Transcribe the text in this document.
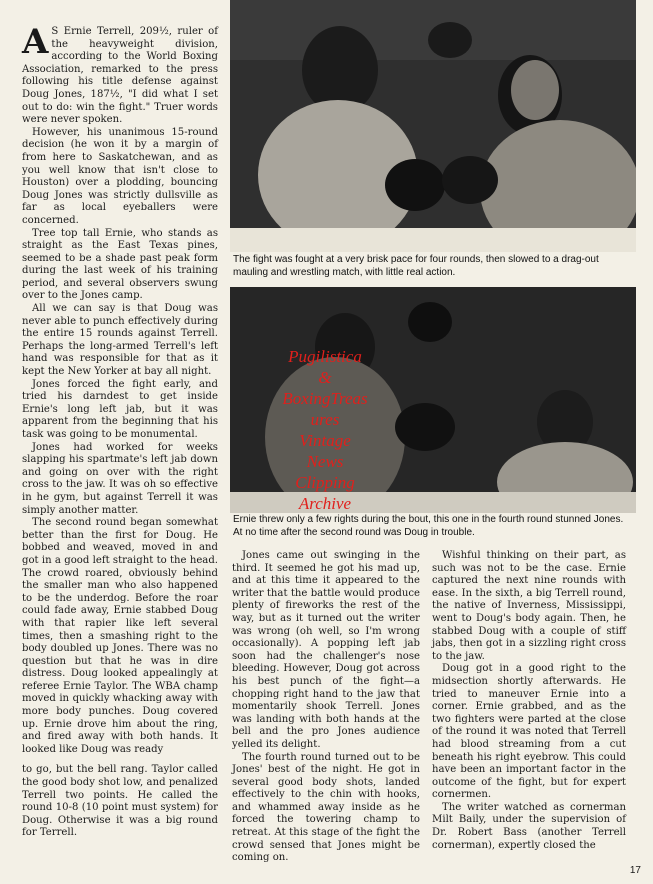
A S Ernie Terrell, 209½, ruler of the heavyweight division, according to the World Boxing Association, remarked to the press following his title defense against Doug Jones, 187½, "I did what I set out to do: win the fight." Truer words were never spoken.

However, his unanimous 15-round decision (he won it by a margin of from here to Saskatchewan, and as you well know that isn't close to Houston) over a plodding, bouncing Doug Jones was strictly dullsville as far as local eyeballers were concerned.

Tree top tall Ernie, who stands as straight as the East Texas pines, seemed to be a shade past peak form during the last week of his training period, and several observers swung over to the Jones camp.

All we can say is that Doug was never able to punch effectively during the entire 15 rounds against Terrell. Perhaps the long-armed Terrell's left hand was responsible for that as it kept the New Yorker at bay all night.

Jones forced the fight early, and tried his darndest to get inside Ernie's long left jab, but it was apparent from the beginning that his task was going to be monumental.

Jones had worked for weeks slapping his spartmate's left jab down and going on over with the right cross to the jaw. It was oh so effective in he gym, but against Terrell it was simply another matter.

The second round began somewhat better than the first for Doug. He bobbed and weaved, moved in and got in a good left straight to the head. The crowd roared, obviously behind the smaller man who also happened to be the underdog. Before the roar could fade away, Ernie stabbed Doug with that rapier like left several times, then a smashing right to the body doubled up Jones. There was no question but that he was in dire distress. Doug looked appealingly at referee Ernie Taylor. The WBA champ moved in quickly whacking away with more body punches. Doug covered up. Ernie drove him about the ring, and fired away with both hands. It looked like Doug was ready

to go, but the bell rang. Taylor called the good body shot low, and penalized Terrell two points. He called the round 10-8 (10 point must system) for Doug. Otherwise it was a big round for Terrell.

The fight was fought at a very brisk pace for four rounds, then slowed to a drag-out mauling and wrestling match, with little real action.
Ernie threw only a few rights during the bout, this one in the fourth round stunned Jones. At no time after the second round was Doug in trouble.

Jones came out swinging in the third. It seemed he got his mad up, and at this time it appeared to the writer that the battle would produce plenty of fireworks the rest of the way, but as it turned out the writer was wrong (oh well, so I'm wrong occasionally). A popping left jab soon had the challenger's nose bleeding. However, Doug got across his best punch of the fight—a chopping right hand to the jaw that momentarily shook Terrell. Jones was landing with both hands at the bell and the pro Jones audience yelled its delight.

The fourth round turned out to be Jones' best of the night. He got in several good body shots, landed effectively to the chin with hooks, and whammed away inside as he forced the towering champ to retreat. At this stage of the fight the crowd sensed that Jones might be coming on.

Wishful thinking on their part, as such was not to be the case. Ernie captured the next nine rounds with ease. In the sixth, a big Terrell round, the native of Inverness, Mississippi, went to Doug's body again. Then, he stabbed Doug with a couple of stiff jabs, then got in a sizzling right cross to the jaw.

Doug got in a good right to the midsection shortly afterwards. He tried to maneuver Ernie into a corner. Ernie grabbed, and as the two fighters were parted at the close of the round it was noted that Terrell had blood streaming from a cut beneath his right eyebrow. This could have been an important factor in the outcome of the fight, but for expert cornermen.

The writer watched as cornerman Milt Baily, under the supervision of Dr. Robert Bass (another Terrell cornerman), expertly closed the

Pugilistica
&
BoxingTreas
ures
Vintage
News
Clipping
Archive
17
